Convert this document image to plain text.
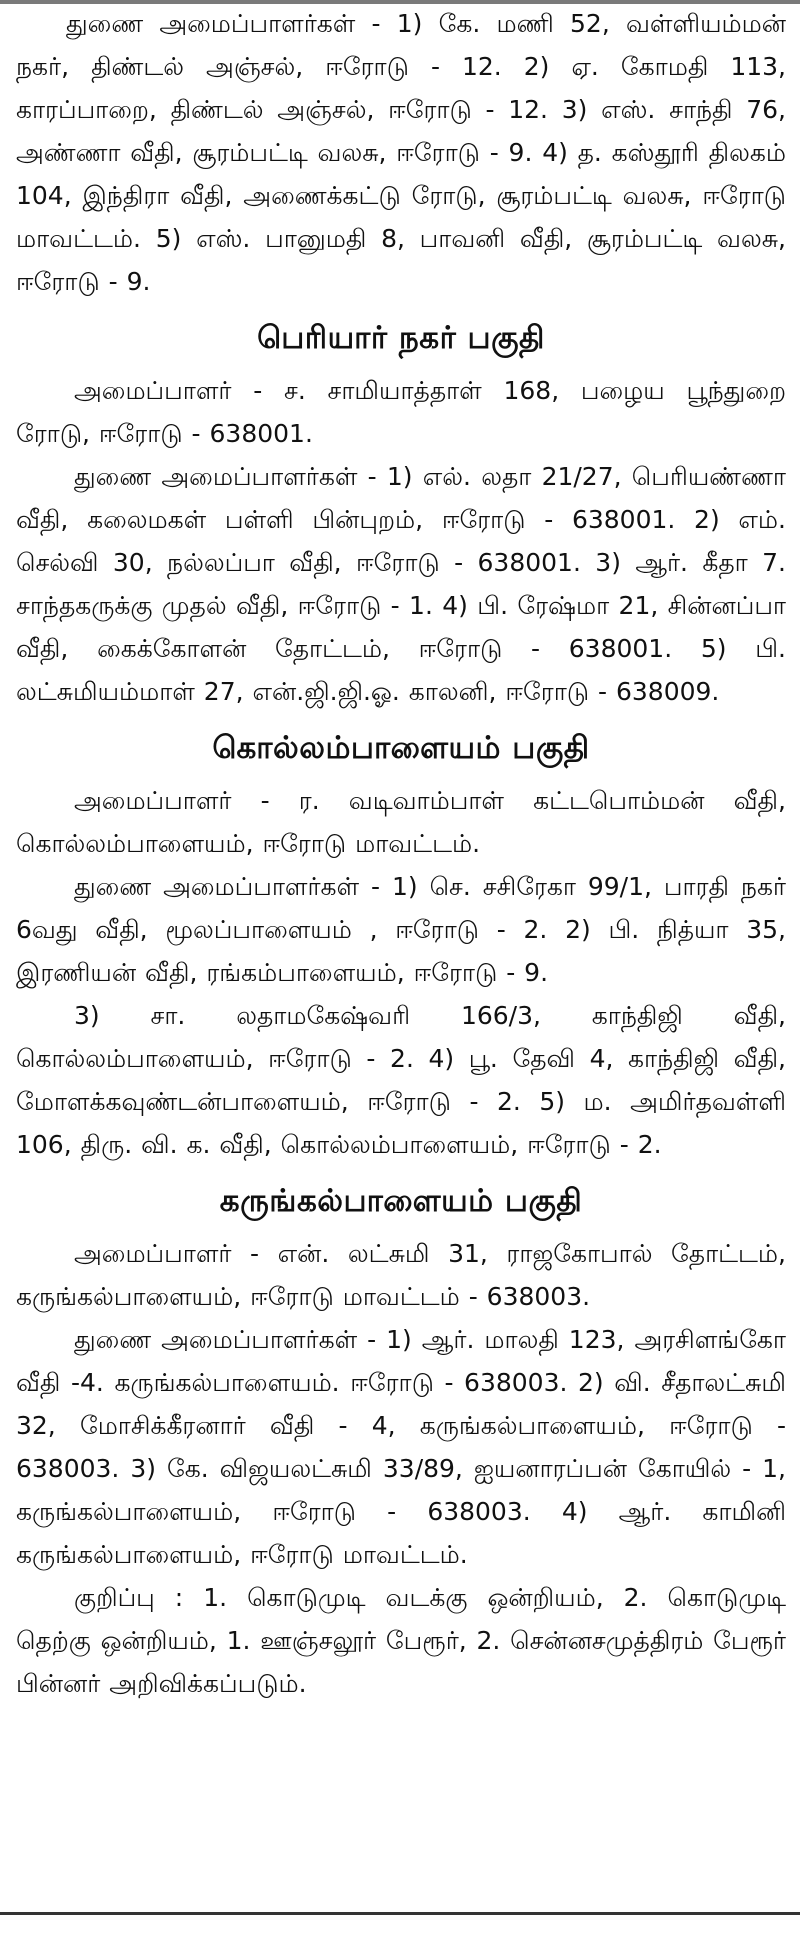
துணை அமைப்பாளர்கள் - 1) கே. மணி 52, வள்ளியம்மன் நகர், திண்டல் அஞ்சல், ஈரோடு - 12. 2) ஏ. கோமதி 113, காரப்பாறை, திண்டல் அஞ்சல், ஈரோடு - 12. 3) எஸ். சாந்தி 76, அண்ணா வீதி, சூரம்பட்டி வலசு, ஈரோடு - 9. 4) த. கஸ்தூரி திலகம் 104, இந்திரா வீதி, அணைக்கட்டு ரோடு, சூரம்பட்டி வலசு, ஈரோடு மாவட்டம். 5) எஸ். பானுமதி 8, பாவனி வீதி, சூரம்பட்டி வலசு, ஈரோடு - 9.

பெரியார் நகர் பகுதி

அமைப்பாளர் - ச. சாமியாத்தாள் 168, பழைய பூந்துறை ரோடு, ஈரோடு - 638001.

துணை அமைப்பாளர்கள் - 1) எல். லதா 21/27, பெரியண்ணா வீதி, கலைமகள் பள்ளி பின்புறம், ஈரோடு - 638001. 2) எம். செல்வி 30, நல்லப்பா வீதி, ஈரோடு - 638001. 3) ஆர். கீதா 7. சாந்தகருக்கு முதல் வீதி, ஈரோடு - 1. 4) பி. ரேஷ்மா 21, சின்னப்பா வீதி, கைக்கோளன் தோட்டம், ஈரோடு - 638001. 5) பி. லட்சுமியம்மாள் 27, என்.ஜி.ஜி.ஓ. காலனி, ஈரோடு - 638009.

கொல்லம்பாளையம் பகுதி

அமைப்பாளர் - ர. வடிவாம்பாள் கட்டபொம்மன் வீதி, கொல்லம்பாளையம், ஈரோடு மாவட்டம்.

துணை அமைப்பாளர்கள் - 1) செ. சசிரேகா 99/1, பாரதி நகர் 6வது வீதி, மூலப்பாளையம் , ஈரோடு - 2. 2) பி. நித்யா 35, இரணியன் வீதி, ரங்கம்பாளையம், ஈரோடு - 9.

3) சா. லதாமகேஷ்வரி 166/3, காந்திஜி வீதி, கொல்லம்பாளையம், ஈரோடு - 2. 4) பூ. தேவி 4, காந்திஜி வீதி, மோளக்கவுண்டன்பாளையம், ஈரோடு - 2. 5) ம. அமிர்தவள்ளி 106, திரு. வி. க. வீதி, கொல்லம்பாளையம், ஈரோடு - 2.

கருங்கல்பாளையம் பகுதி

அமைப்பாளர் - என். லட்சுமி 31, ராஜகோபால் தோட்டம், கருங்கல்பாளையம், ஈரோடு மாவட்டம் - 638003.

துணை அமைப்பாளர்கள் - 1) ஆர். மாலதி 123, அரசிளங்கோ வீதி -4. கருங்கல்பாளையம். ஈரோடு - 638003. 2) வி. சீதாலட்சுமி 32, மோசிக்கீரனார் வீதி - 4, கருங்கல்பாளையம், ஈரோடு - 638003. 3) கே. விஜயலட்சுமி 33/89, ஐயனாரப்பன் கோயில் - 1, கருங்கல்பாளையம், ஈரோடு - 638003. 4) ஆர். காமினி கருங்கல்பாளையம், ஈரோடு மாவட்டம்.

குறிப்பு : 1. கொடுமுடி வடக்கு ஒன்றியம், 2. கொடுமுடி தெற்கு ஒன்றியம், 1. ஊஞ்சலூர் பேரூர், 2. சென்னசமுத்திரம் பேரூர் பின்னர் அறிவிக்கப்படும்.
